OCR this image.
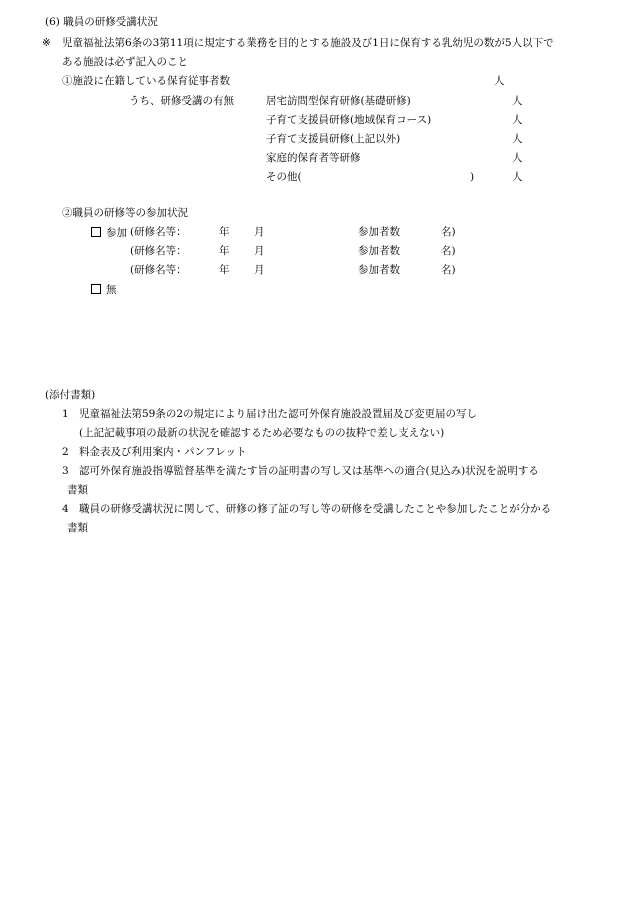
(6) 職員の研修受講状況
※ 児童福祉法第6条の3第11項に規定する業務を目的とする施設及び1日に保育する乳幼児の数が5人以下で
ある施設は必ず記入のこと
①施設に在籍している保育従事者数	人
うち、研修受講の有無	居宅訪問型保育研修(基礎研修)	人
子育て支援員研修(地域保育コース)	人
子育て支援員研修(上記以外)	人
家庭的保育者等研修	人
その他(	)	人
②職員の研修等の参加状況
参加 (研修名等：	年 月	参加者数	名)
(研修名等：	年 月	参加者数	名)
(研修名等：	年 月	参加者数	名)
無
(添付書類)
1 児童福祉法第59条の2の規定により届け出た認可外保育施設設置届及び変更届の写し
(上記記載事項の最新の状況を確認するため必要なものの抜粋で差し支えない)
2 料金表及び利用案内・パンフレット
3 認可外保育施設指導監督基準を満たす旨の証明書の写し又は基準への適合(見込み)状況を説明する
書類
4 職員の研修受講状況に関して、研修の修了証の写し等の研修を受講したことや参加したことが分かる
書類
